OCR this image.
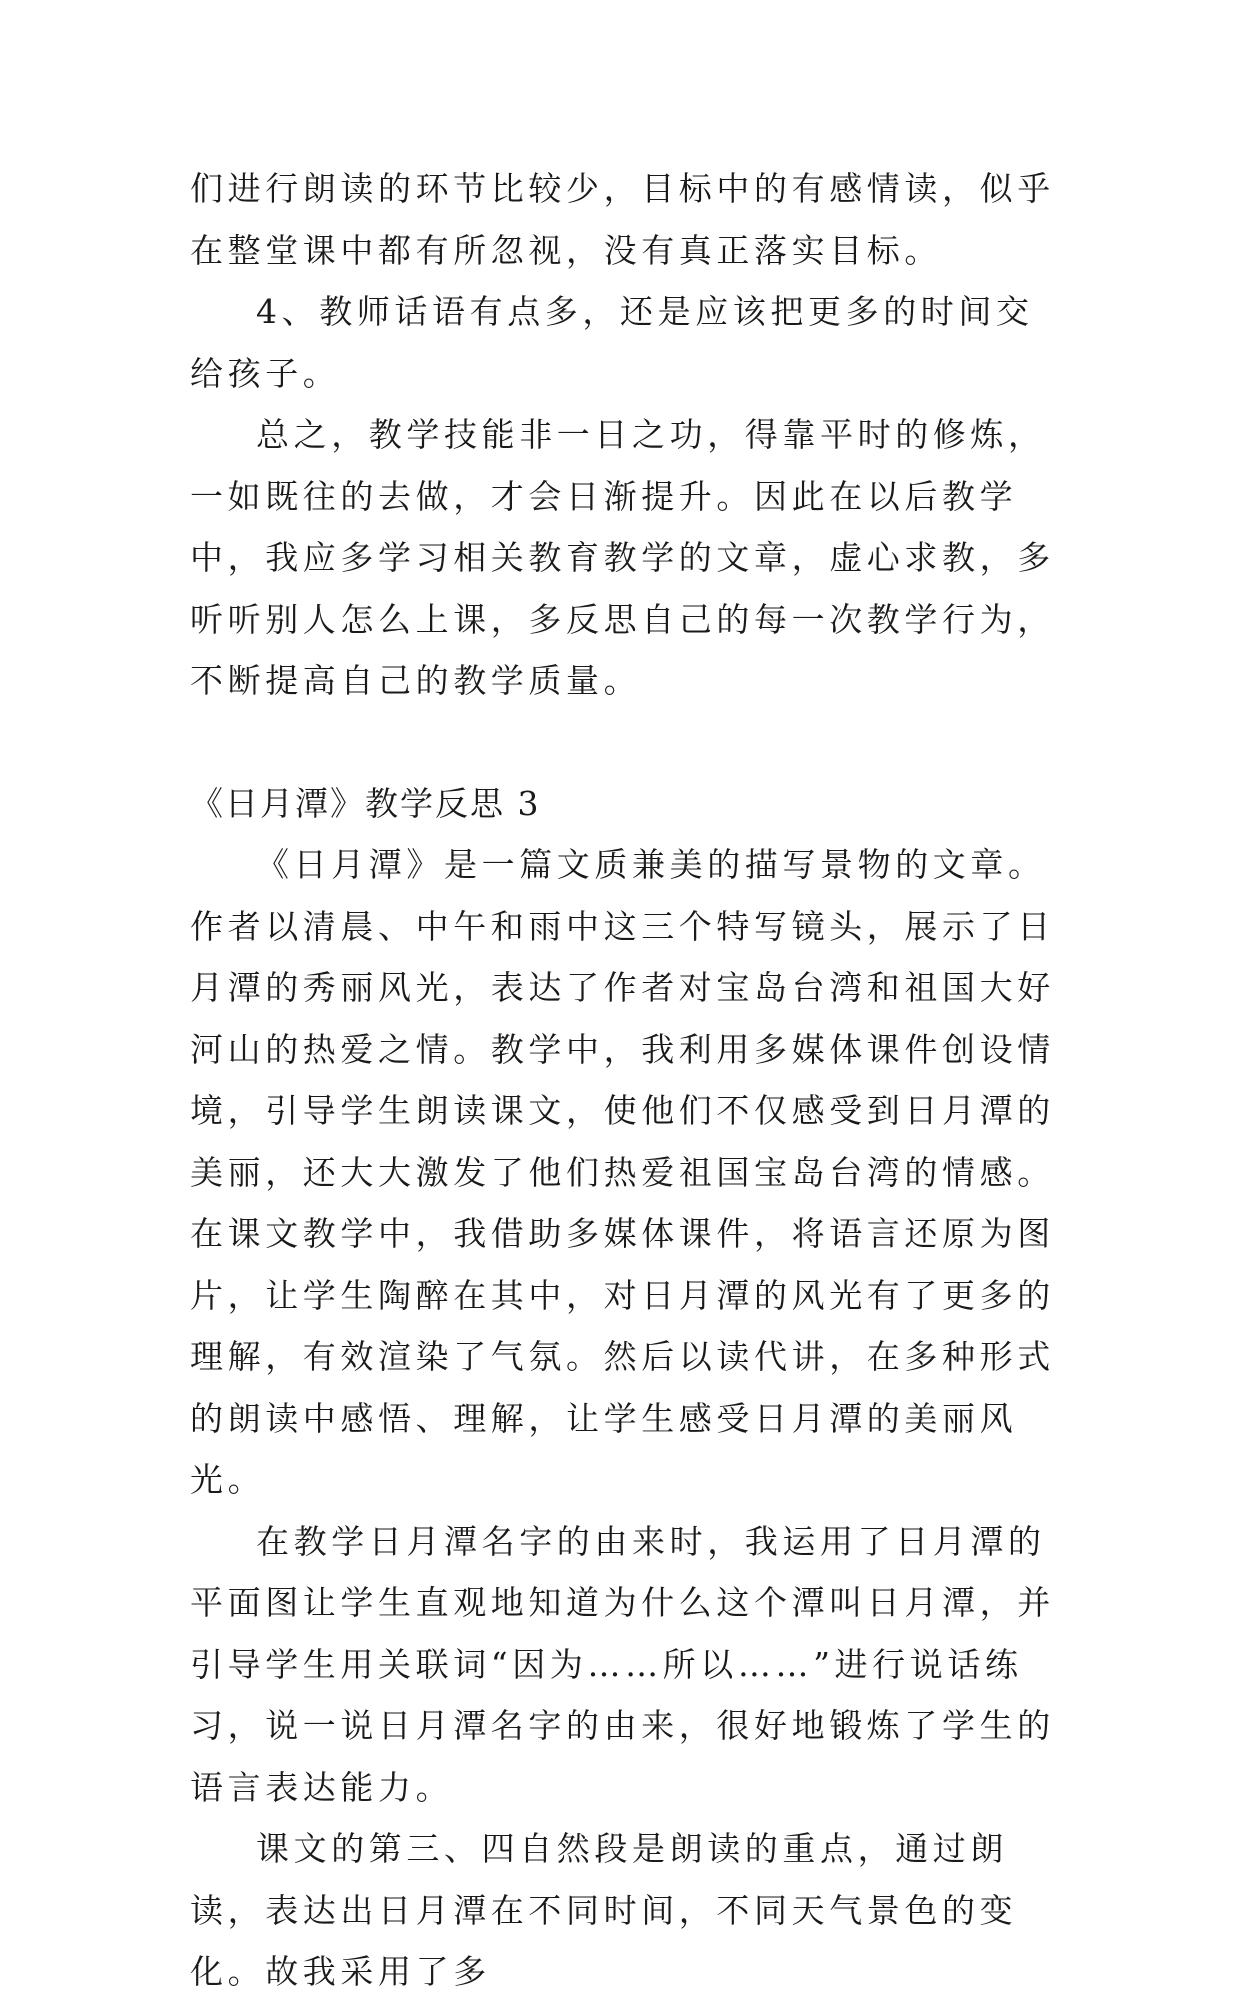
们进行朗读的环节比较少，目标中的有感情读，似乎在整堂课中都有所忽视，没有真正落实目标。

4、教师话语有点多，还是应该把更多的时间交给孩子。

总之，教学技能非一日之功，得靠平时的修炼，一如既往的去做，才会日渐提升。因此在以后教学中，我应多学习相关教育教学的文章，虚心求教，多听听别人怎么上课，多反思自己的每一次教学行为，不断提高自己的教学质量。

《日月潭》教学反思 3

《日月潭》是一篇文质兼美的描写景物的文章。作者以清晨、中午和雨中这三个特写镜头，展示了日月潭的秀丽风光，表达了作者对宝岛台湾和祖国大好河山的热爱之情。教学中，我利用多媒体课件创设情境，引导学生朗读课文，使他们不仅感受到日月潭的美丽，还大大激发了他们热爱祖国宝岛台湾的情感。在课文教学中，我借助多媒体课件，将语言还原为图片，让学生陶醉在其中，对日月潭的风光有了更多的理解，有效渲染了气氛。然后以读代讲，在多种形式的朗读中感悟、理解，让学生感受日月潭的美丽风光。

在教学日月潭名字的由来时，我运用了日月潭的平面图让学生直观地知道为什么这个潭叫日月潭，并引导学生用关联词“因为……所以……”进行说话练习，说一说日月潭名字的由来，很好地锻炼了学生的语言表达能力。

课文的第三、四自然段是朗读的重点，通过朗读，表达出日月潭在不同时间，不同天气景色的变化。故我采用了多
